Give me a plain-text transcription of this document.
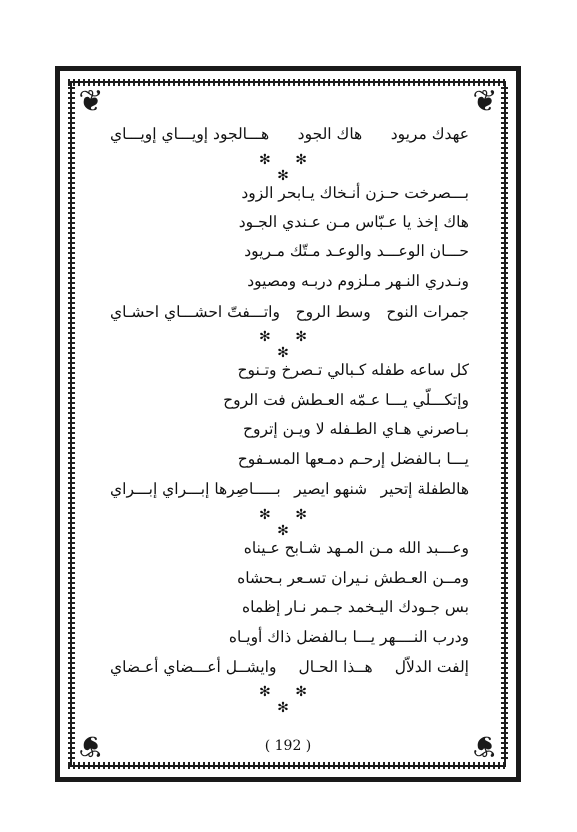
❦	❦
❦	❦
عهدك مريود
هاك الجود
هـــالجود إويـــاي إويـــاي
✻ ✻ ✻
بـــصرخت حـزن أنـخاك يـابحر الزود
هاك إخذ يا عـبّاس مـن عـندي الجـود
حـــان الوعـــد والوعـد مـتّك مـريود
ونـدري النـهر مـلزوم دربـه ومصيود
جمرات النوح
وسط الروح
واتـــفتّ احشـــاي احشـاي
✻ ✻ ✻
كل ساعه طفله كـبالي تـصرخ وتـنوح
وإتكـــلّي يـــا عـمّه العـطش فت الروح
بـاصرني هـاي الطـفله لا ويـن إتروح
يـــا بـالفضل إرحـم دمـعها المسـفوح
هالطفلة إتحير
شنهو ايصير
بـــــاصِرها إبـــراي إبـــراي
✻ ✻ ✻
وعـــبد الله مـن المـهد شـابح عـيناه
ومــن العـطش نـيران تسـعر بـحشاه
بس جـودك اليـخمد جـمر نـار إظماه
ودرب النــــهر يـــا بـالفضل ذاك أويـاه
إلفت الدلاّل
هــذا الحـال
وايشــل أعـــضاي أعـضاي
✻ ✻ ✻
( 192 )
